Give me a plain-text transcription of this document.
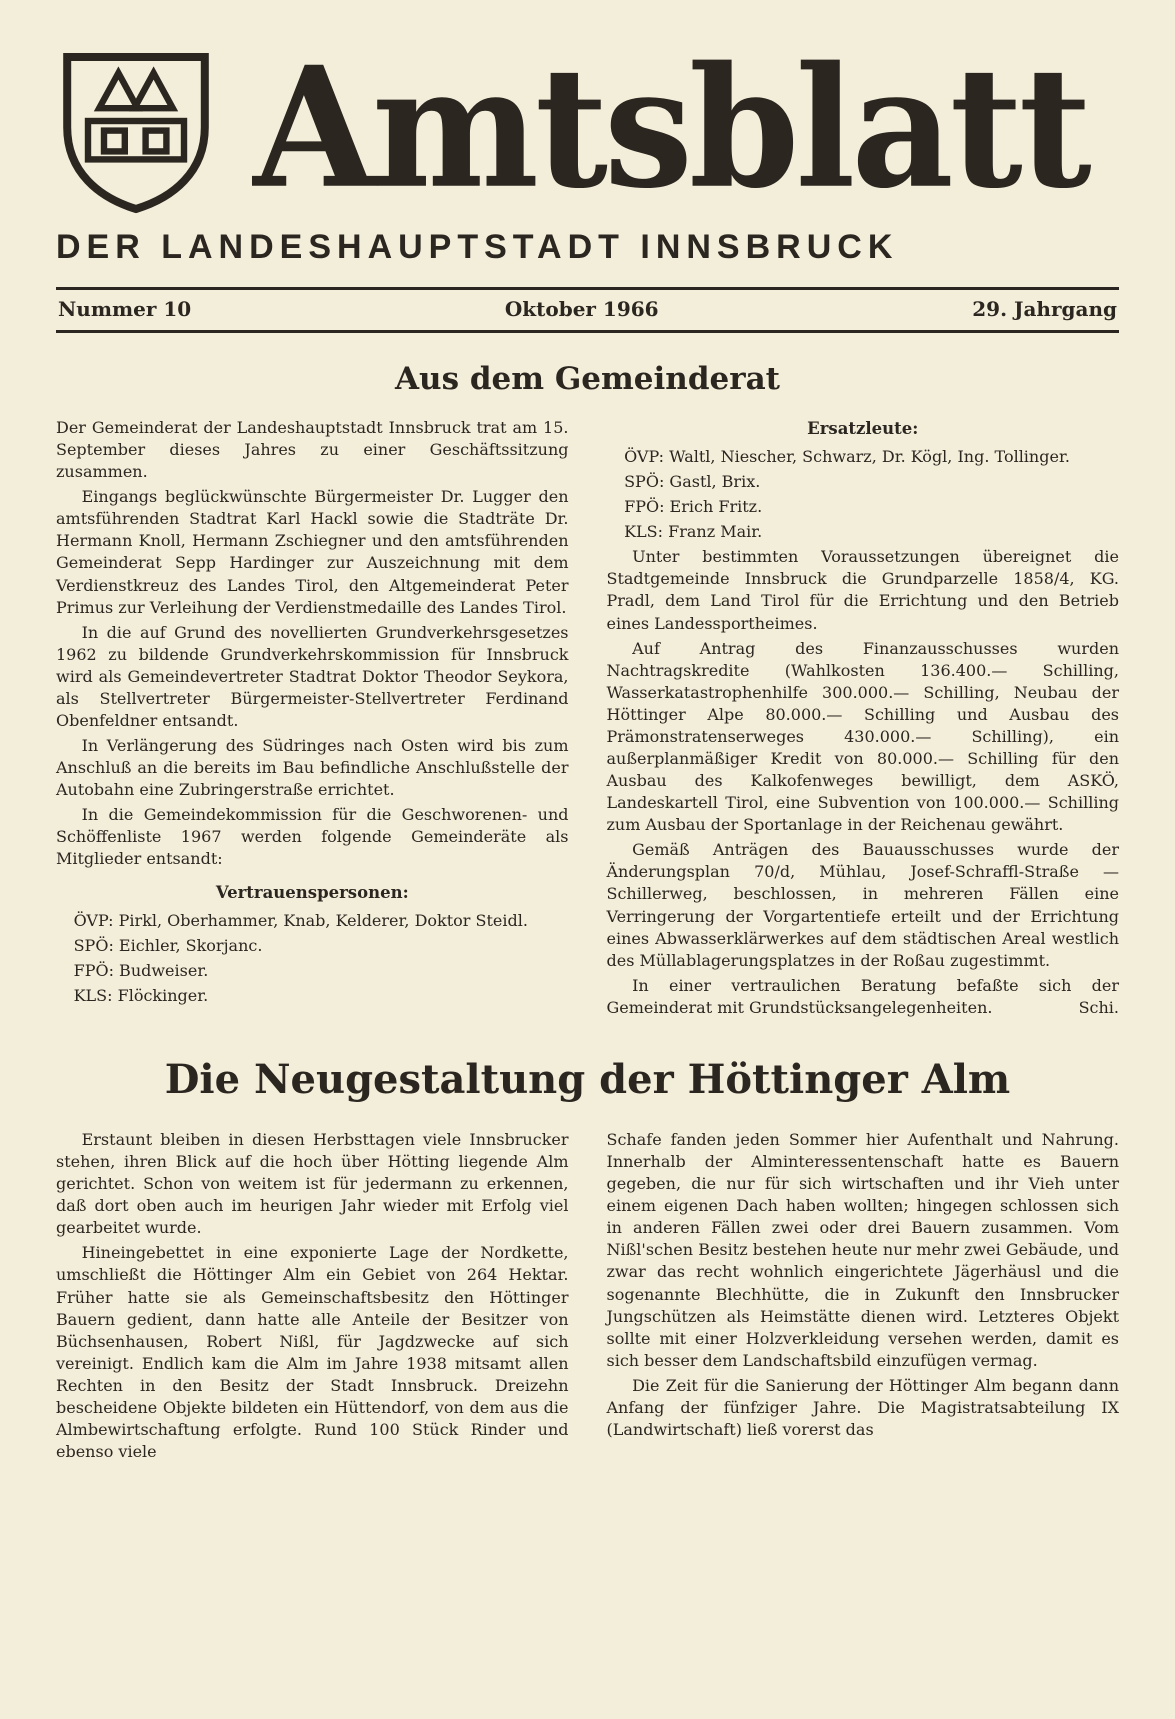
Amtsblatt
DER LANDESHAUPTSTADT INNSBRUCK
Nummer 10	Oktober 1966	29. Jahrgang
Aus dem Gemeinderat

Der Gemeinderat der Landeshauptstadt Innsbruck trat am 15. September dieses Jahres zu einer Geschäftssitzung zusammen.

Eingangs beglückwünschte Bürgermeister Dr. Lugger den amtsführenden Stadtrat Karl Hackl sowie die Stadträte Dr. Hermann Knoll, Hermann Zschiegner und den amtsführenden Gemeinderat Sepp Hardinger zur Auszeichnung mit dem Verdienstkreuz des Landes Tirol, den Altgemeinderat Peter Primus zur Verleihung der Verdienstmedaille des Landes Tirol.

In die auf Grund des novellierten Grundverkehrsgesetzes 1962 zu bildende Grundverkehrskommission für Innsbruck wird als Gemeindevertreter Stadtrat Doktor Theodor Seykora, als Stellvertreter Bürgermeister-Stellvertreter Ferdinand Obenfeldner entsandt.

In Verlängerung des Südringes nach Osten wird bis zum Anschluß an die bereits im Bau befindliche Anschlußstelle der Autobahn eine Zubringerstraße errichtet.

In die Gemeindekommission für die Geschworenen- und Schöffenliste 1967 werden folgende Gemeinderäte als Mitglieder entsandt:

Vertrauenspersonen:

ÖVP: Pirkl, Oberhammer, Knab, Kelderer, Doktor Steidl.

SPÖ: Eichler, Skorjanc.

FPÖ: Budweiser.

KLS: Flöckinger.

Ersatzleute:

ÖVP: Waltl, Niescher, Schwarz, Dr. Kögl, Ing. Tollinger.

SPÖ: Gastl, Brix.

FPÖ: Erich Fritz.

KLS: Franz Mair.

Unter bestimmten Voraussetzungen übereignet die Stadtgemeinde Innsbruck die Grundparzelle 1858/4, KG. Pradl, dem Land Tirol für die Errichtung und den Betrieb eines Landessportheimes.

Auf Antrag des Finanzausschusses wurden Nachtragskredite (Wahlkosten 136.400.— Schilling, Wasserkatastrophenhilfe 300.000.— Schilling, Neubau der Höttinger Alpe 80.000.— Schilling und Ausbau des Prämonstratenserweges 430.000.— Schilling), ein außerplanmäßiger Kredit von 80.000.— Schilling für den Ausbau des Kalkofenweges bewilligt, dem ASKÖ, Landeskartell Tirol, eine Subvention von 100.000.— Schilling zum Ausbau der Sportanlage in der Reichenau gewährt.

Gemäß Anträgen des Bauausschusses wurde der Änderungsplan 70/d, Mühlau, Josef-Schraffl-Straße — Schillerweg, beschlossen, in mehreren Fällen eine Verringerung der Vorgartentiefe erteilt und der Errichtung eines Abwasserklärwerkes auf dem städtischen Areal westlich des Müllablagerungsplatzes in der Roßau zugestimmt.

In einer vertraulichen Beratung befaßte sich der Gemeinderat mit Grundstücksangelegenheiten.	Schi.

Die Neugestaltung der Höttinger Alm

Erstaunt bleiben in diesen Herbsttagen viele Innsbrucker stehen, ihren Blick auf die hoch über Hötting liegende Alm gerichtet. Schon von weitem ist für jedermann zu erkennen, daß dort oben auch im heurigen Jahr wieder mit Erfolg viel gearbeitet wurde.

Hineingebettet in eine exponierte Lage der Nordkette, umschließt die Höttinger Alm ein Gebiet von 264 Hektar. Früher hatte sie als Gemeinschaftsbesitz den Höttinger Bauern gedient, dann hatte alle Anteile der Besitzer von Büchsenhausen, Robert Nißl, für Jagdzwecke auf sich vereinigt. Endlich kam die Alm im Jahre 1938 mitsamt allen Rechten in den Besitz der Stadt Innsbruck. Dreizehn bescheidene Objekte bildeten ein Hüttendorf, von dem aus die Almbewirtschaftung erfolgte. Rund 100 Stück Rinder und ebenso viele

Schafe fanden jeden Sommer hier Aufenthalt und Nahrung. Innerhalb der Alminteressentenschaft hatte es Bauern gegeben, die nur für sich wirtschaften und ihr Vieh unter einem eigenen Dach haben wollten; hingegen schlossen sich in anderen Fällen zwei oder drei Bauern zusammen. Vom Nißl'schen Besitz bestehen heute nur mehr zwei Gebäude, und zwar das recht wohnlich eingerichtete Jägerhäusl und die sogenannte Blechhütte, die in Zukunft den Innsbrucker Jungschützen als Heimstätte dienen wird. Letzteres Objekt sollte mit einer Holzverkleidung versehen werden, damit es sich besser dem Landschaftsbild einzufügen vermag.

Die Zeit für die Sanierung der Höttinger Alm begann dann Anfang der fünfziger Jahre. Die Magistratsabteilung IX (Landwirtschaft) ließ vorerst das
